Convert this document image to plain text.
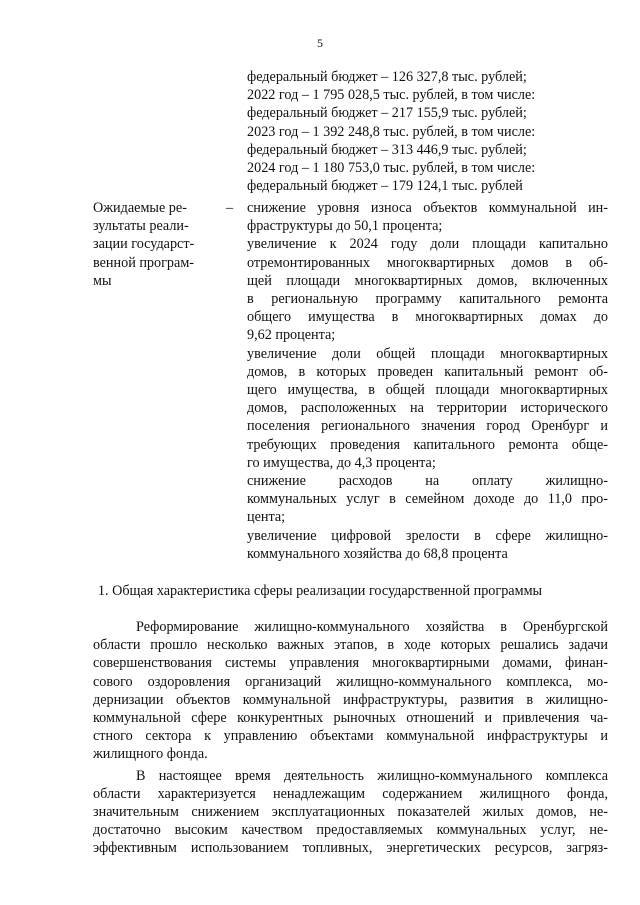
5
федеральный бюджет – 126 327,8 тыс. рублей;
2022 год – 1 795 028,5 тыс. рублей, в том числе:
федеральный бюджет – 217 155,9 тыс. рублей;
2023 год – 1 392 248,8 тыс. рублей, в том числе:
федеральный бюджет – 313 446,9 тыс. рублей;
2024 год – 1 180 753,0 тыс. рублей, в том числе:
федеральный бюджет – 179 124,1 тыс. рублей
Ожидаемые ре-
зультаты реали-
зации государст-
венной програм-
мы
– снижение уровня износа объектов коммунальной ин-
фраструктуры до 50,1 процента;
увеличение к 2024 году доли площади капитально
отремонтированных многоквартирных домов в об-
щей площади многоквартирных домов, включенных
в региональную программу капитального ремонта
общего имущества в многоквартирных домах до
9,62 процента;
увеличение доли общей площади многоквартирных
домов, в которых проведен капитальный ремонт об-
щего имущества, в общей площади многоквартирных
домов, расположенных на территории исторического
поселения регионального значения город Оренбург и
требующих проведения капитального ремонта обще-
го имущества, до 4,3 процента;
снижение      расходов      на      оплату      жилищно-
коммунальных услуг в семейном доходе до 11,0 про-
цента;
увеличение цифровой зрелости в сфере жилищно-
коммунального хозяйства до 68,8 процента
1. Общая характеристика сферы реализации государственной программы
Реформирование жилищно-коммунального хозяйства в Оренбургской
области прошло несколько важных этапов, в ходе которых решались задачи
совершенствования системы управления многоквартирными домами, финан-
сового оздоровления организаций жилищно-коммунального комплекса, мо-
дернизации объектов коммунальной инфраструктуры, развития в жилищно-
коммунальной сфере конкурентных рыночных отношений и привлечения ча-
стного сектора к управлению объектами коммунальной инфраструктуры и
жилищного фонда.
В настоящее время деятельность жилищно-коммунального комплекса
области характеризуется ненадлежащим содержанием жилищного фонда,
значительным снижением эксплуатационных показателей жилых домов, не-
достаточно высоким качеством предоставляемых коммунальных услуг, не-
эффективным использованием топливных, энергетических ресурсов, загряз-
